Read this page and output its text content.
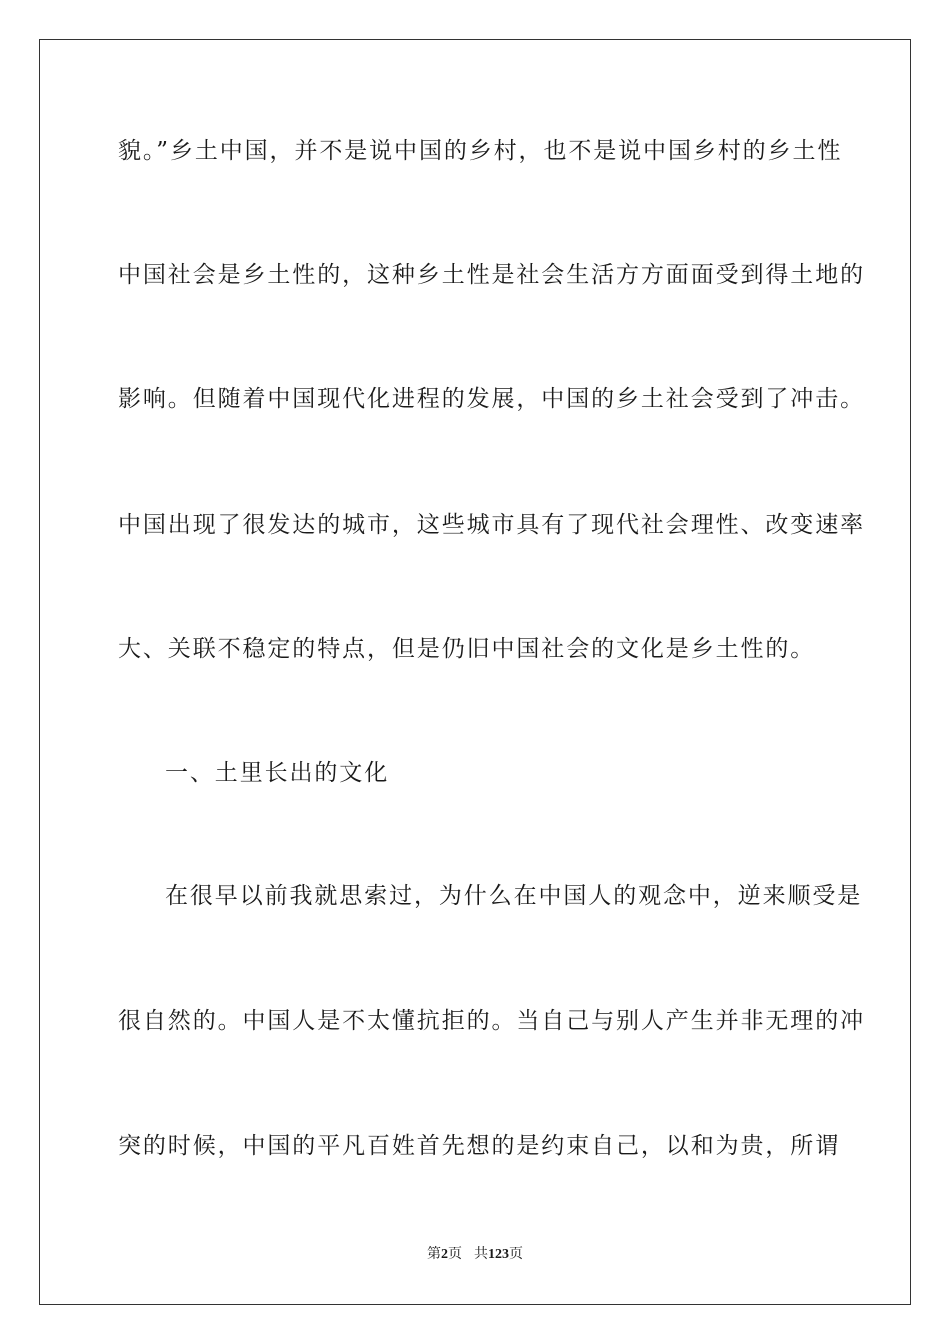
貌。”乡土中国，并不是说中国的乡村，也不是说中国乡村的乡土性
中国社会是乡土性的，这种乡土性是社会生活方方面面受到得土地的
影响。但随着中国现代化进程的发展，中国的乡土社会受到了冲击。
中国出现了很发达的城市，这些城市具有了现代社会理性、改变速率
大、关联不稳定的特点，但是仍旧中国社会的文化是乡土性的。
一、土里长出的文化
在很早以前我就思索过，为什么在中国人的观念中，逆来顺受是
很自然的。中国人是不太懂抗拒的。当自己与别人产生并非无理的冲
突的时候，中国的平凡百姓首先想的是约束自己，以和为贵，所谓
第2页 共123页
